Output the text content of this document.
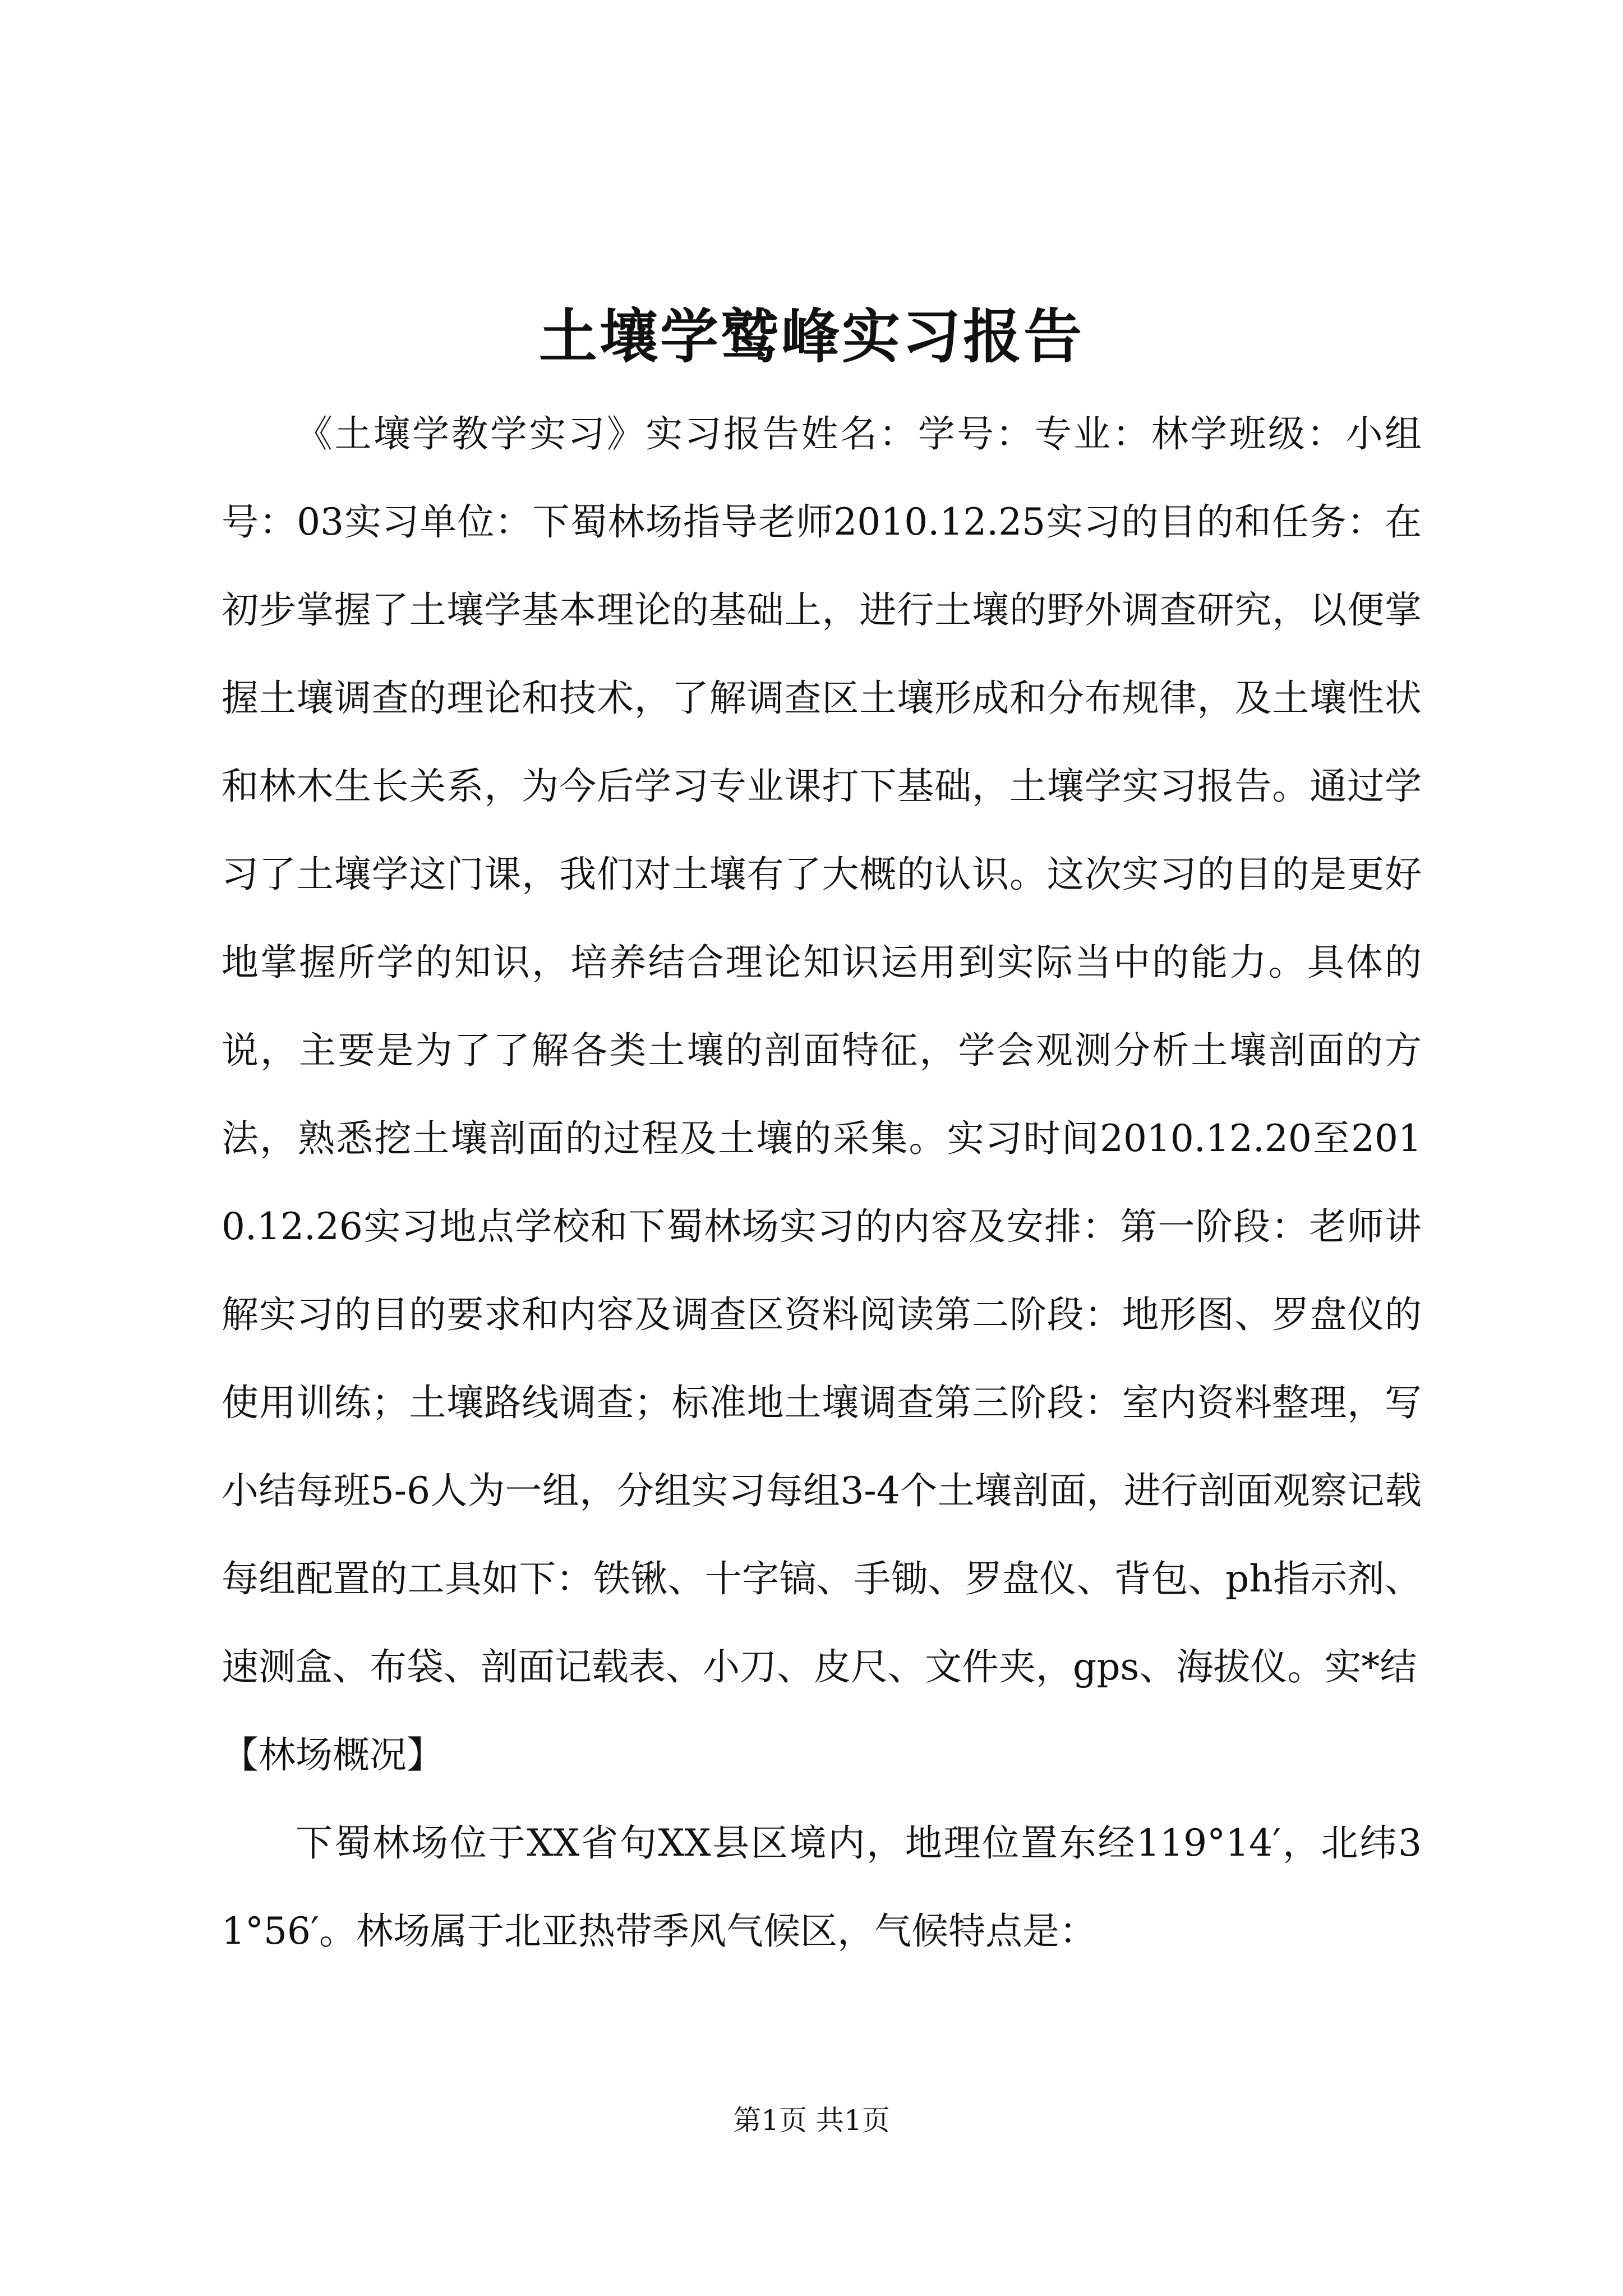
土壤学鹫峰实习报告

《土壤学教学实习》实习报告姓名：学号：专业：林学班级：小组号：03实习单位：下蜀林场指导老师2010.12.25实习的目的和任务：在初步掌握了土壤学基本理论的基础上，进行土壤的野外调查研究，以便掌握土壤调查的理论和技术，了解调查区土壤形成和分布规律，及土壤性状和林木生长关系，为今后学习专业课打下基础，土壤学实习报告。通过学习了土壤学这门课，我们对土壤有了大概的认识。这次实习的目的是更好地掌握所学的知识，培养结合理论知识运用到实际当中的能力。具体的说，主要是为了了解各类土壤的剖面特征，学会观测分析土壤剖面的方法，熟悉挖土壤剖面的过程及土壤的采集。实习时间2010.12.20至2010.12.26实习地点学校和下蜀林场实习的内容及安排：第一阶段：老师讲解实习的目的要求和内容及调查区资料阅读第二阶段：地形图、罗盘仪的使用训练；土壤路线调查；标准地土壤调查第三阶段：室内资料整理，写小结每班5-6人为一组，分组实习每组3-4个土壤剖面，进行剖面观察记载每组配置的工具如下：铁锹、十字镐、手锄、罗盘仪、背包、ph指示剂、速测盒、布袋、剖面记载表、小刀、皮尺、文件夹，gps、海拔仪。实*结

【林场概况】

下蜀林场位于XX省句XX县区境内，地理位置东经119°14′，北纬31°56′。林场属于北亚热带季风气候区，气候特点是：

第1页 共1页
